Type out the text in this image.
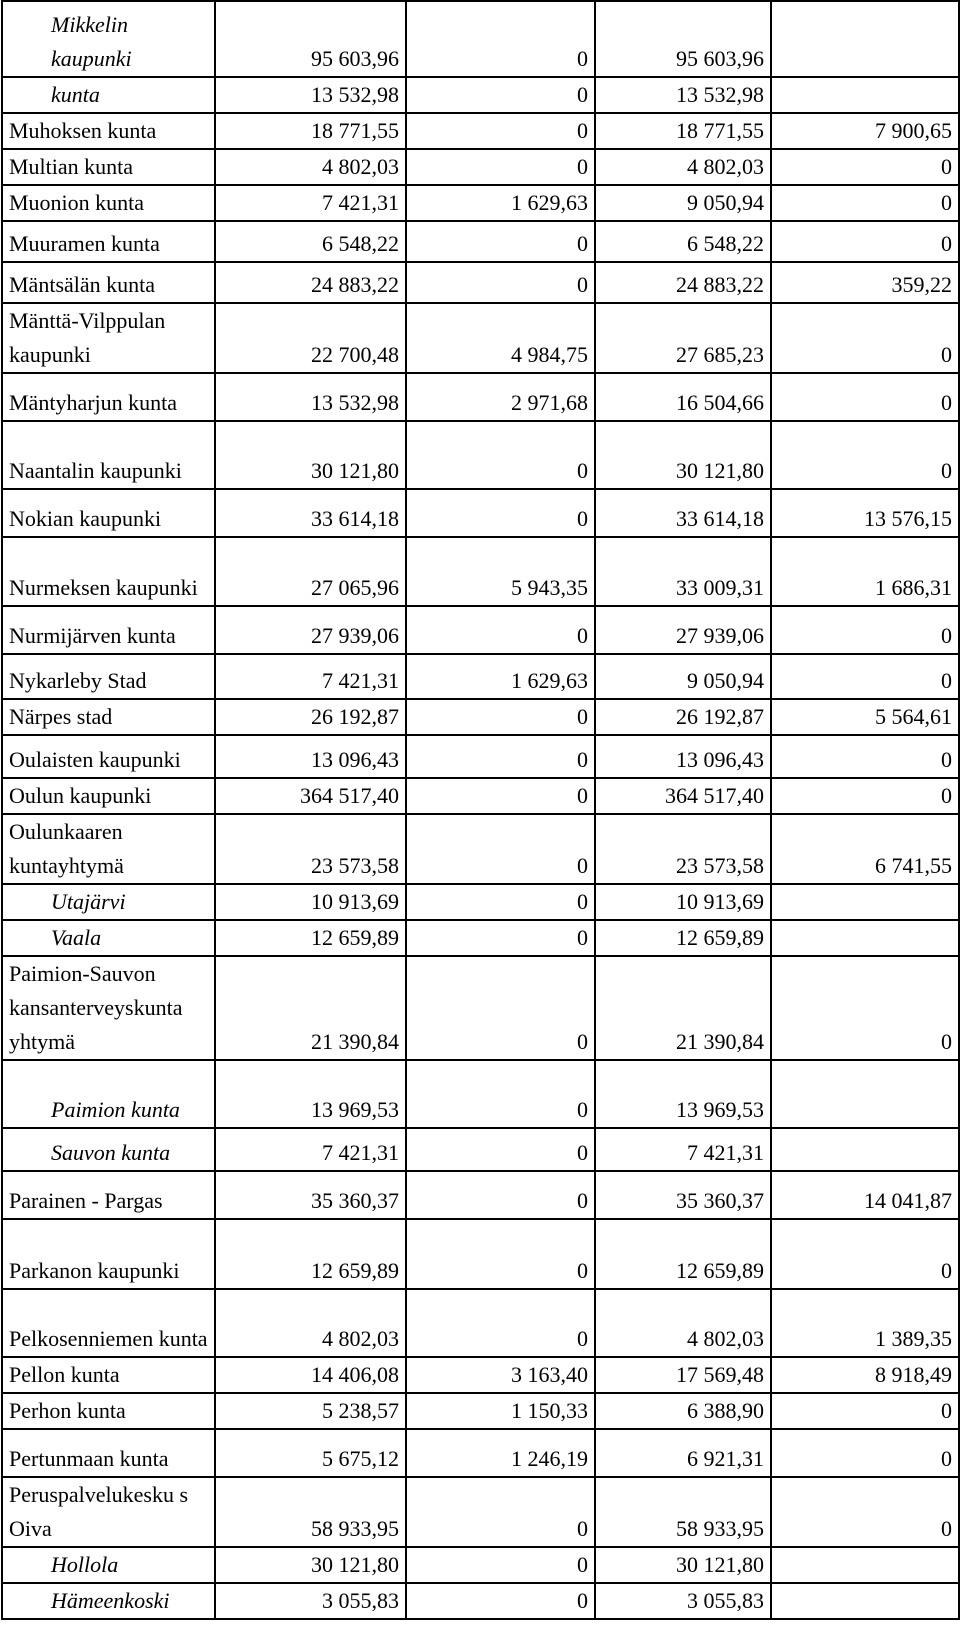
Mikkelin kaupunki	95 603,96	0	95 603,96	
kunta	13 532,98	0	13 532,98	
Muhoksen kunta	18 771,55	0	18 771,55	7 900,65
Multian kunta	4 802,03	0	4 802,03	0
Muonion kunta	7 421,31	1 629,63	9 050,94	0
Muuramen kunta	6 548,22	0	6 548,22	0
Mäntsälän kunta	24 883,22	0	24 883,22	359,22
Mänttä-Vilppulan kaupunki	22 700,48	4 984,75	27 685,23	0
Mäntyharjun kunta	13 532,98	2 971,68	16 504,66	0
Naantalin kaupunki	30 121,80	0	30 121,80	0
Nokian kaupunki	33 614,18	0	33 614,18	13 576,15
Nurmeksen kaupunki	27 065,96	5 943,35	33 009,31	1 686,31
Nurmijärven kunta	27 939,06	0	27 939,06	0
Nykarleby Stad	7 421,31	1 629,63	9 050,94	0
Närpes stad	26 192,87	0	26 192,87	5 564,61
Oulaisten kaupunki	13 096,43	0	13 096,43	0
Oulun kaupunki	364 517,40	0	364 517,40	0
Oulunkaaren kuntayhtymä	23 573,58	0	23 573,58	6 741,55
Utajärvi	10 913,69	0	10 913,69	
Vaala	12 659,89	0	12 659,89	
Paimion-Sauvon kansanterveyskunta yhtymä	21 390,84	0	21 390,84	0
Paimion kunta	13 969,53	0	13 969,53	
Sauvon kunta	7 421,31	0	7 421,31	
Parainen - Pargas	35 360,37	0	35 360,37	14 041,87
Parkanon kaupunki	12 659,89	0	12 659,89	0
Pelkosenniemen kunta	4 802,03	0	4 802,03	1 389,35
Pellon kunta	14 406,08	3 163,40	17 569,48	8 918,49
Perhon kunta	5 238,57	1 150,33	6 388,90	0
Pertunmaan kunta	5 675,12	1 246,19	6 921,31	0
Peruspalvelukesku s Oiva	58 933,95	0	58 933,95	0
Hollola	30 121,80	0	30 121,80	
Hämeenkoski	3 055,83	0	3 055,83	
